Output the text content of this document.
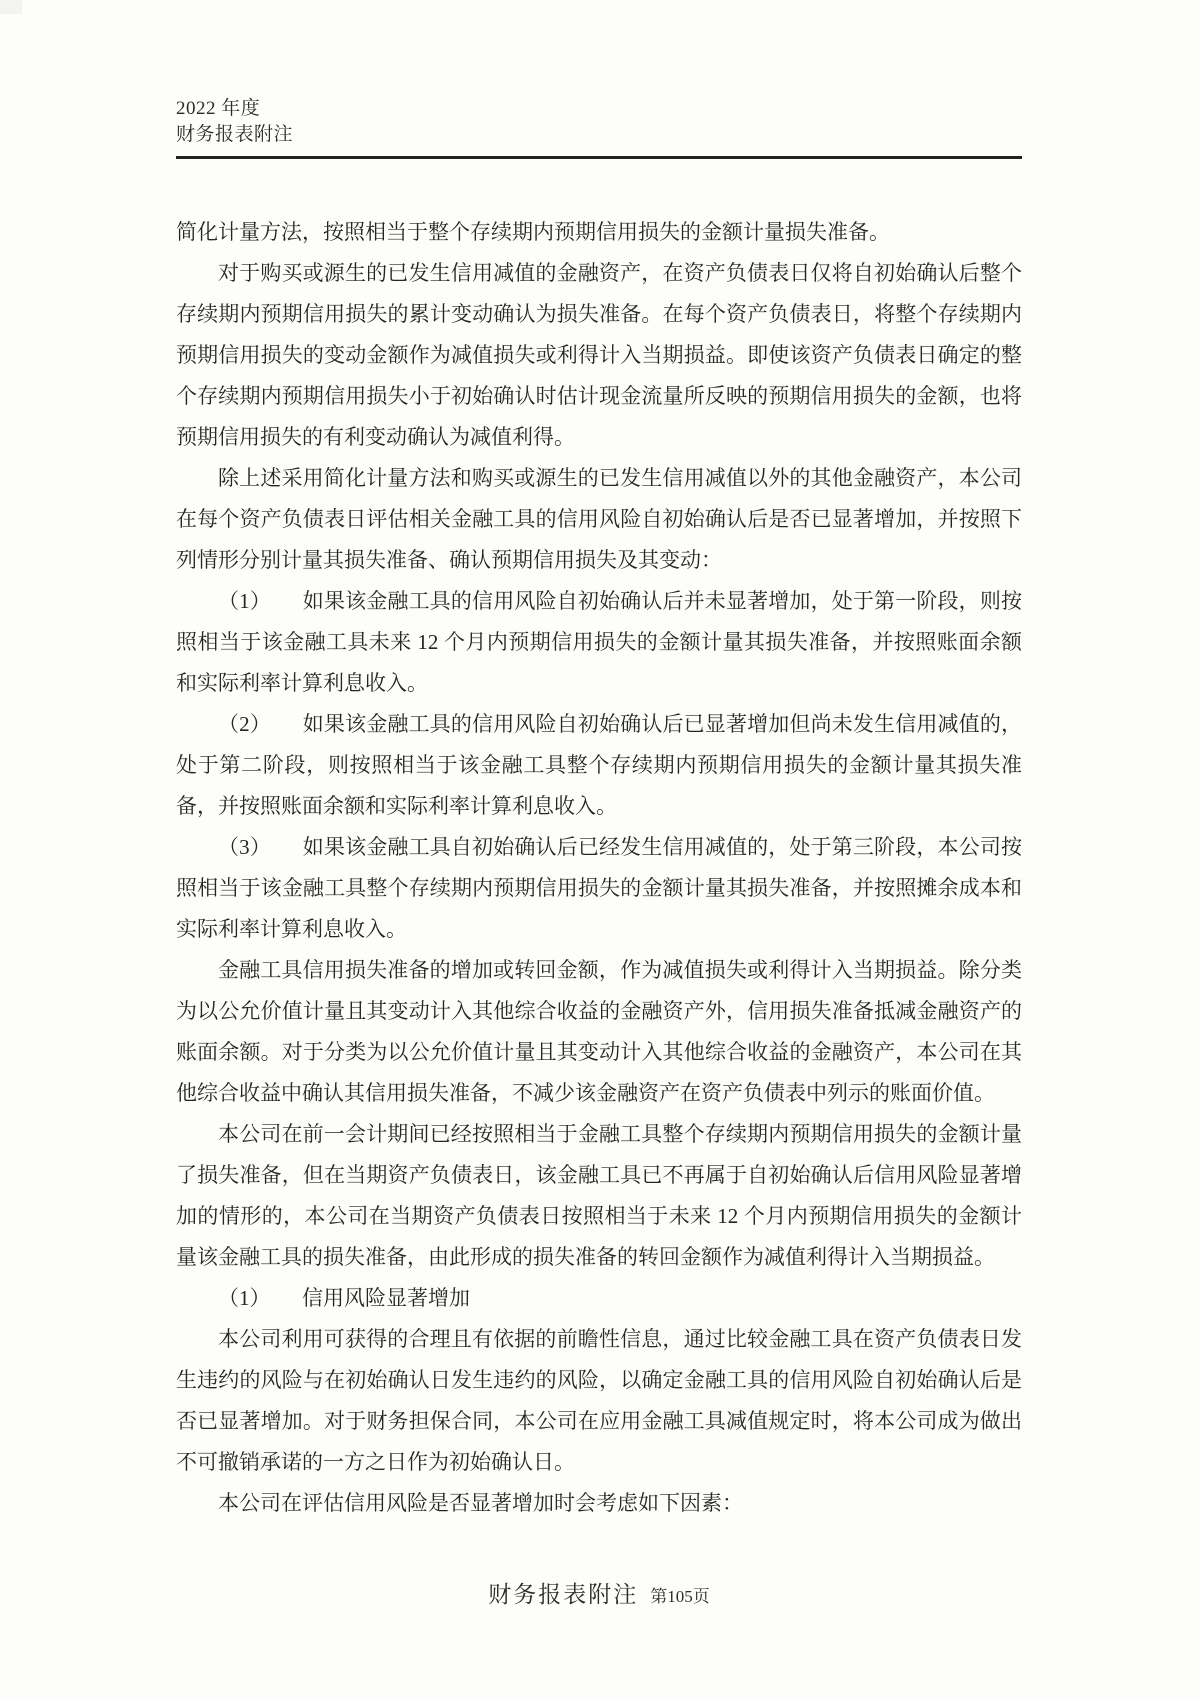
2022 年度
财务报表附注

简化计量方法，按照相当于整个存续期内预期信用损失的金额计量损失准备。

对于购买或源生的已发生信用减值的金融资产，在资产负债表日仅将自初始确认后整个存续期内预期信用损失的累计变动确认为损失准备。在每个资产负债表日，将整个存续期内预期信用损失的变动金额作为减值损失或利得计入当期损益。即使该资产负债表日确定的整个存续期内预期信用损失小于初始确认时估计现金流量所反映的预期信用损失的金额，也将预期信用损失的有利变动确认为减值利得。

除上述采用简化计量方法和购买或源生的已发生信用减值以外的其他金融资产，本公司在每个资产负债表日评估相关金融工具的信用风险自初始确认后是否已显著增加，并按照下列情形分别计量其损失准备、确认预期信用损失及其变动：

（1）　　如果该金融工具的信用风险自初始确认后并未显著增加，处于第一阶段，则按照相当于该金融工具未来 12 个月内预期信用损失的金额计量其损失准备，并按照账面余额和实际利率计算利息收入。

（2）　　如果该金融工具的信用风险自初始确认后已显著增加但尚未发生信用减值的，处于第二阶段，则按照相当于该金融工具整个存续期内预期信用损失的金额计量其损失准备，并按照账面余额和实际利率计算利息收入。

（3）　　如果该金融工具自初始确认后已经发生信用减值的，处于第三阶段，本公司按照相当于该金融工具整个存续期内预期信用损失的金额计量其损失准备，并按照摊余成本和实际利率计算利息收入。

金融工具信用损失准备的增加或转回金额，作为减值损失或利得计入当期损益。除分类为以公允价值计量且其变动计入其他综合收益的金融资产外，信用损失准备抵减金融资产的账面余额。对于分类为以公允价值计量且其变动计入其他综合收益的金融资产，本公司在其他综合收益中确认其信用损失准备，不减少该金融资产在资产负债表中列示的账面价值。

本公司在前一会计期间已经按照相当于金融工具整个存续期内预期信用损失的金额计量了损失准备，但在当期资产负债表日，该金融工具已不再属于自初始确认后信用风险显著增加的情形的，本公司在当期资产负债表日按照相当于未来 12 个月内预期信用损失的金额计量该金融工具的损失准备，由此形成的损失准备的转回金额作为减值利得计入当期损益。

（1）　　信用风险显著增加

本公司利用可获得的合理且有依据的前瞻性信息，通过比较金融工具在资产负债表日发生违约的风险与在初始确认日发生违约的风险，以确定金融工具的信用风险自初始确认后是否已显著增加。对于财务担保合同，本公司在应用金融工具减值规定时，将本公司成为做出不可撤销承诺的一方之日作为初始确认日。

本公司在评估信用风险是否显著增加时会考虑如下因素：

财务报表附注 第105页
